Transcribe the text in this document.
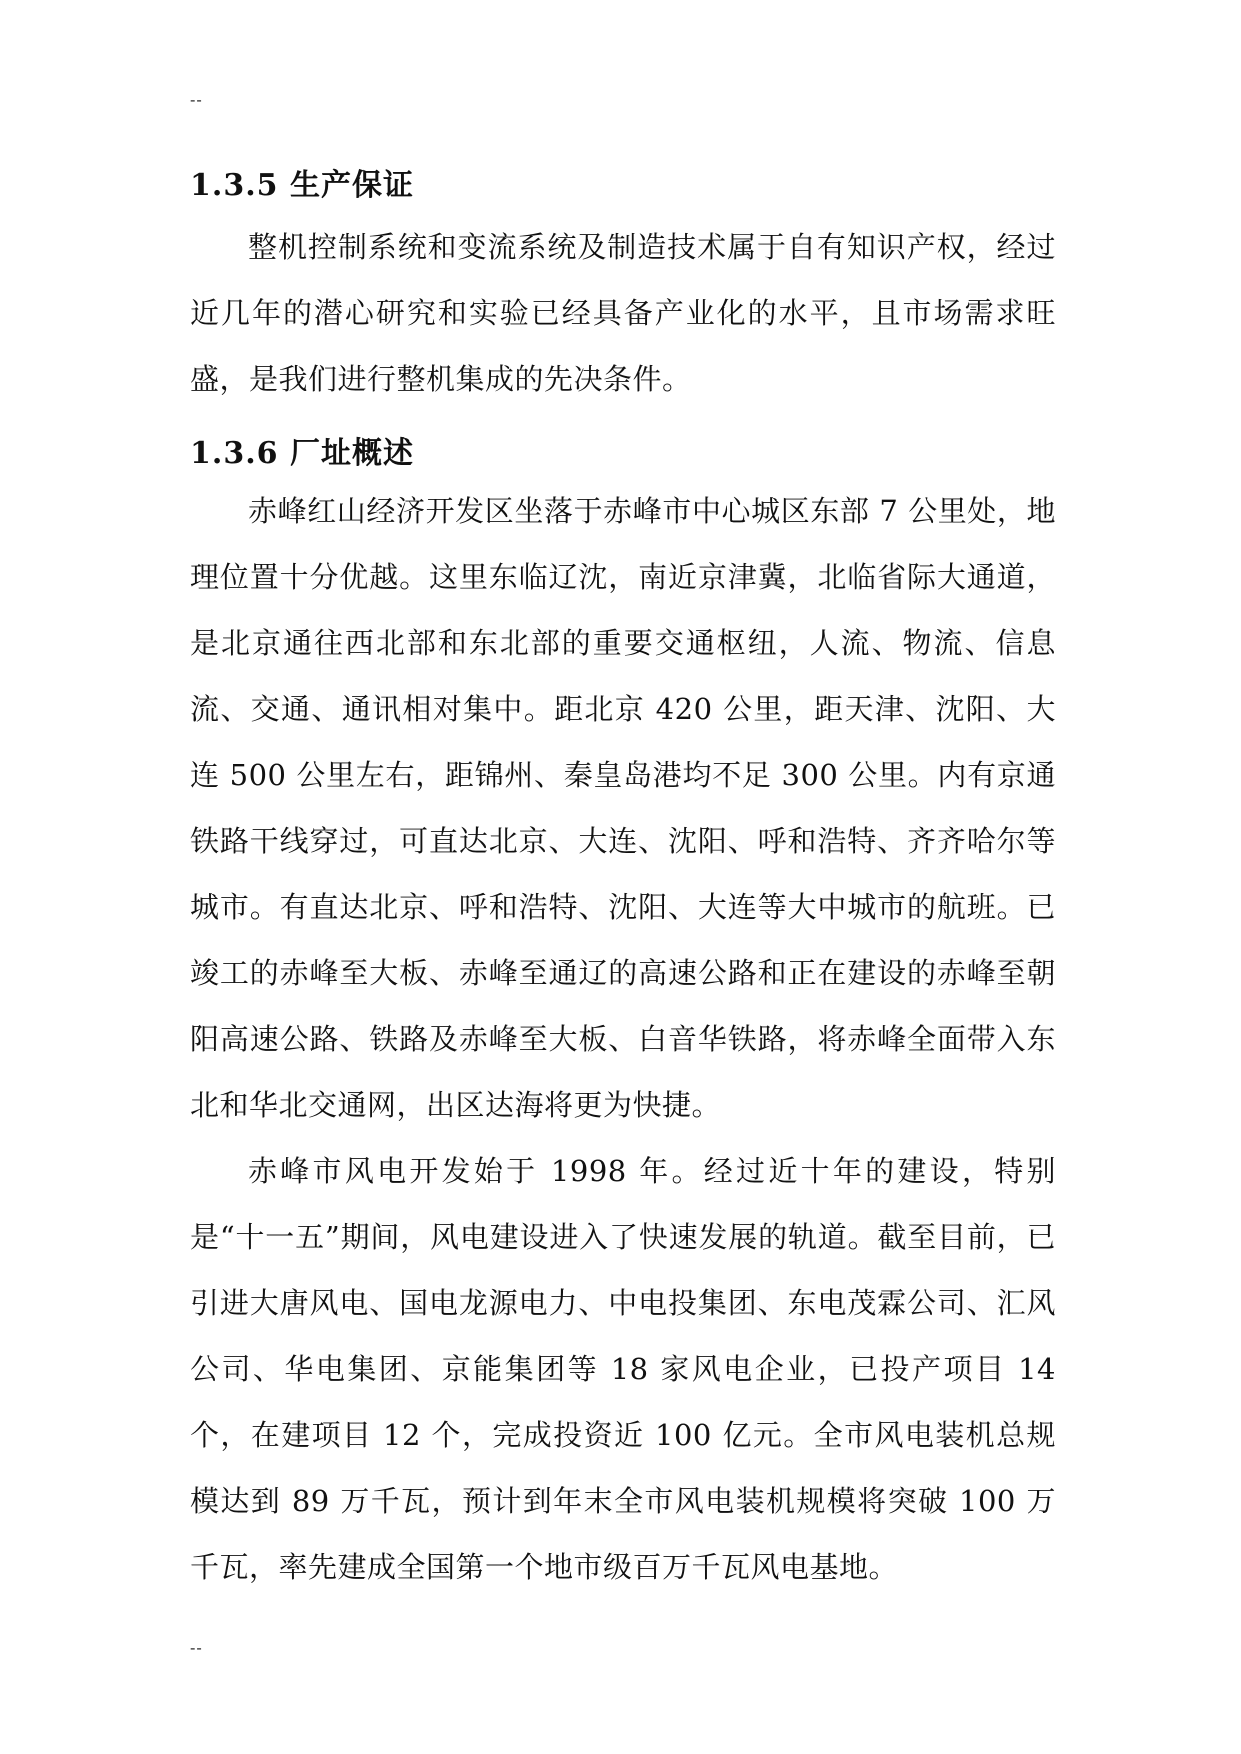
--
1.3.5 生产保证

整机控制系统和变流系统及制造技术属于自有知识产权，经过近几年的潜心研究和实验已经具备产业化的水平，且市场需求旺盛，是我们进行整机集成的先决条件。

1.3.6 厂址概述

赤峰红山经济开发区坐落于赤峰市中心城区东部 7 公里处，地理位置十分优越。这里东临辽沈，南近京津冀，北临省际大通道，是北京通往西北部和东北部的重要交通枢纽，人流、物流、信息流、交通、通讯相对集中。距北京 420 公里，距天津、沈阳、大连 500 公里左右，距锦州、秦皇岛港均不足 300 公里。内有京通铁路干线穿过，可直达北京、大连、沈阳、呼和浩特、齐齐哈尔等城市。有直达北京、呼和浩特、沈阳、大连等大中城市的航班。已竣工的赤峰至大板、赤峰至通辽的高速公路和正在建设的赤峰至朝阳高速公路、铁路及赤峰至大板、白音华铁路，将赤峰全面带入东北和华北交通网，出区达海将更为快捷。

赤峰市风电开发始于 1998 年。经过近十年的建设，特别是“十一五”期间，风电建设进入了快速发展的轨道。截至目前，已引进大唐风电、国电龙源电力、中电投集团、东电茂霖公司、汇风公司、华电集团、京能集团等 18 家风电企业，已投产项目 14 个，在建项目 12 个，完成投资近 100 亿元。全市风电装机总规模达到 89 万千瓦，预计到年末全市风电装机规模将突破 100 万千瓦，率先建成全国第一个地市级百万千瓦风电基地。

--
